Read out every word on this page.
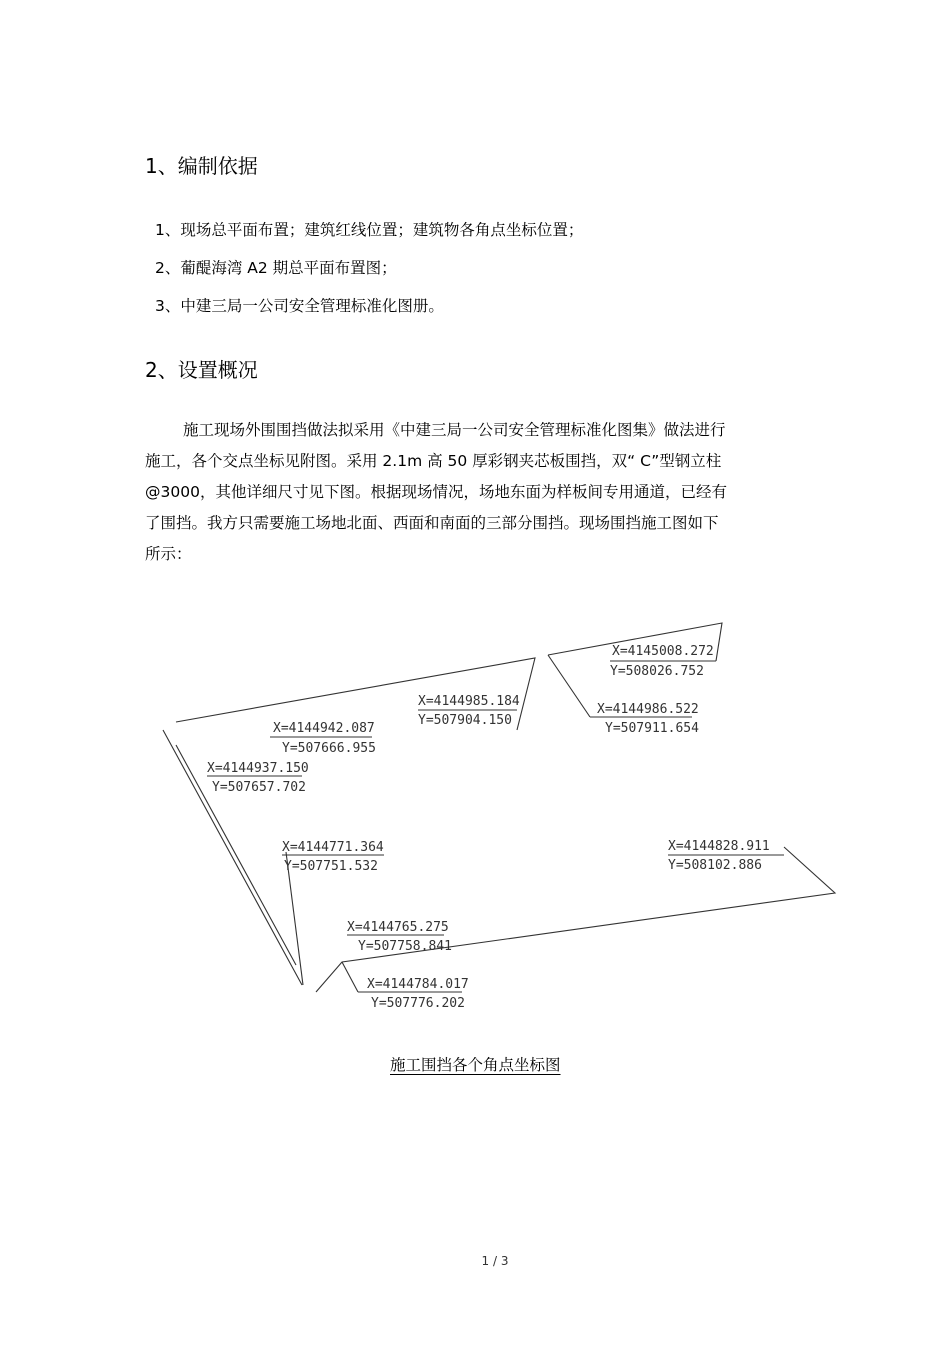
1、编制依据

1、现场总平面布置；建筑红线位置；建筑物各角点坐标位置；

2、葡醍海湾 A2 期总平面布置图；

3、中建三局一公司安全管理标准化图册。

2、设置概况
施工现场外围围挡做法拟采用《中建三局一公司安全管理标准化图集》做法进行
施工，各个交点坐标见附图。采用 2.1m 高 50 厚彩钢夹芯板围挡，双“ C”型钢立柱
@3000，其他详细尺寸见下图。根据现场情况，场地东面为样板间专用通道，已经有
了围挡。我方只需要施工场地北面、西面和南面的三部分围挡。现场围挡施工图如下
所示：
X=4145008.272
Y=508026.752
X=4144985.184
Y=507904.150
X=4144986.522
Y=507911.654
X=4144942.087
Y=507666.955
X=4144937.150
Y=507657.702
X=4144771.364
Y=507751.532
X=4144828.911
Y=508102.886
X=4144765.275
Y=507758.841
X=4144784.017
Y=507776.202

施工围挡各个角点坐标图

1 / 3
